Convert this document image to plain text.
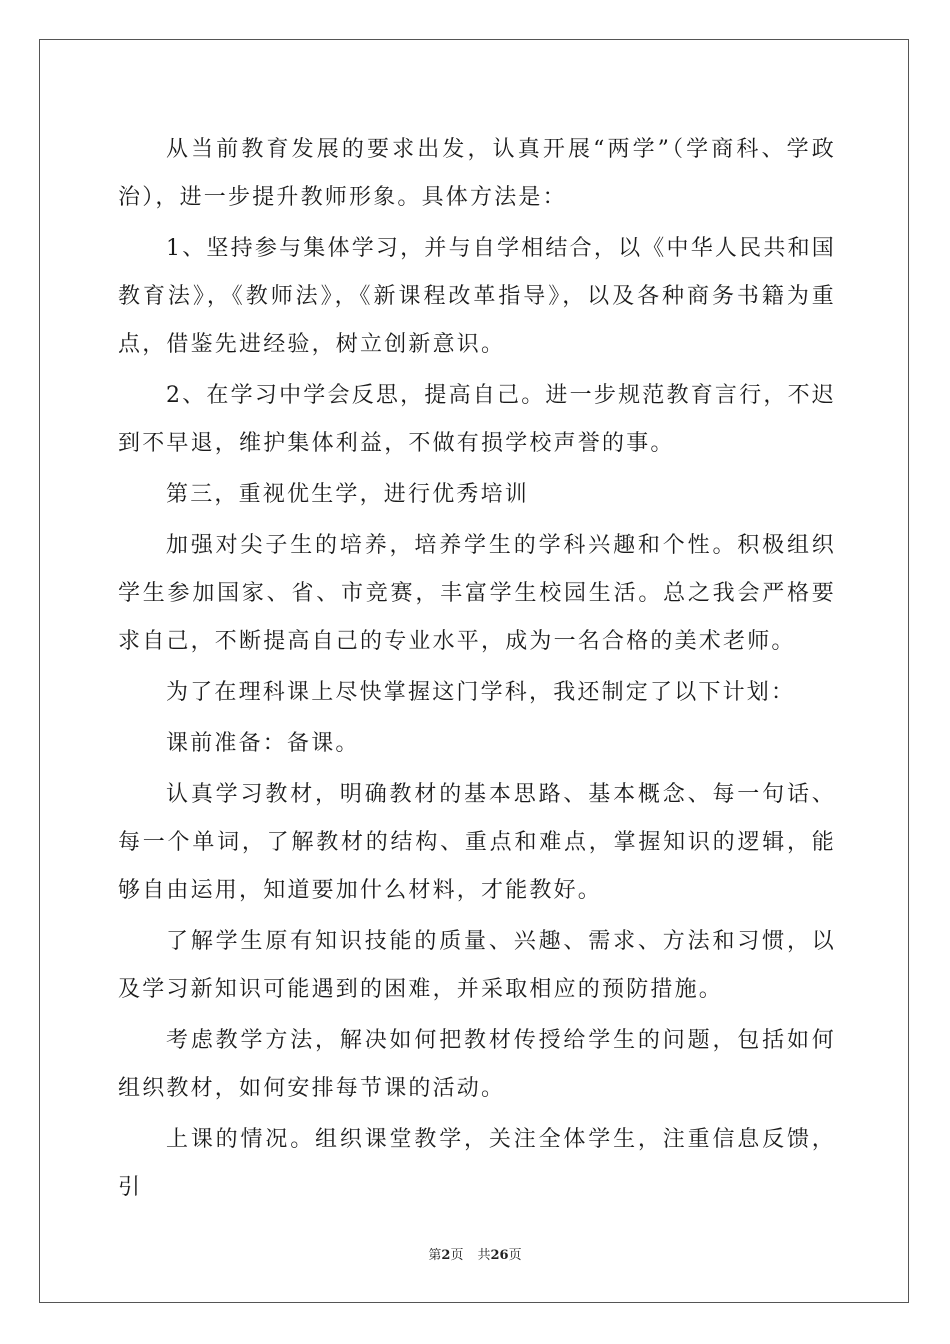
从当前教育发展的要求出发，认真开展“两学”（学商科、学政治），进一步提升教师形象。具体方法是：

1、坚持参与集体学习，并与自学相结合，以《中华人民共和国教育法》，《教师法》，《新课程改革指导》，以及各种商务书籍为重点，借鉴先进经验，树立创新意识。

2、在学习中学会反思，提高自己。进一步规范教育言行，不迟到不早退，维护集体利益，不做有损学校声誉的事。

第三，重视优生学，进行优秀培训

加强对尖子生的培养，培养学生的学科兴趣和个性。积极组织学生参加国家、省、市竞赛，丰富学生校园生活。总之我会严格要求自己，不断提高自己的专业水平，成为一名合格的美术老师。

为了在理科课上尽快掌握这门学科，我还制定了以下计划：

课前准备：备课。

认真学习教材，明确教材的基本思路、基本概念、每一句话、每一个单词，了解教材的结构、重点和难点，掌握知识的逻辑，能够自由运用，知道要加什么材料，才能教好。

了解学生原有知识技能的质量、兴趣、需求、方法和习惯，以及学习新知识可能遇到的困难，并采取相应的预防措施。

考虑教学方法，解决如何把教材传授给学生的问题，包括如何组织教材，如何安排每节课的活动。

上课的情况。组织课堂教学，关注全体学生，注重信息反馈，引

第2页 共26页
